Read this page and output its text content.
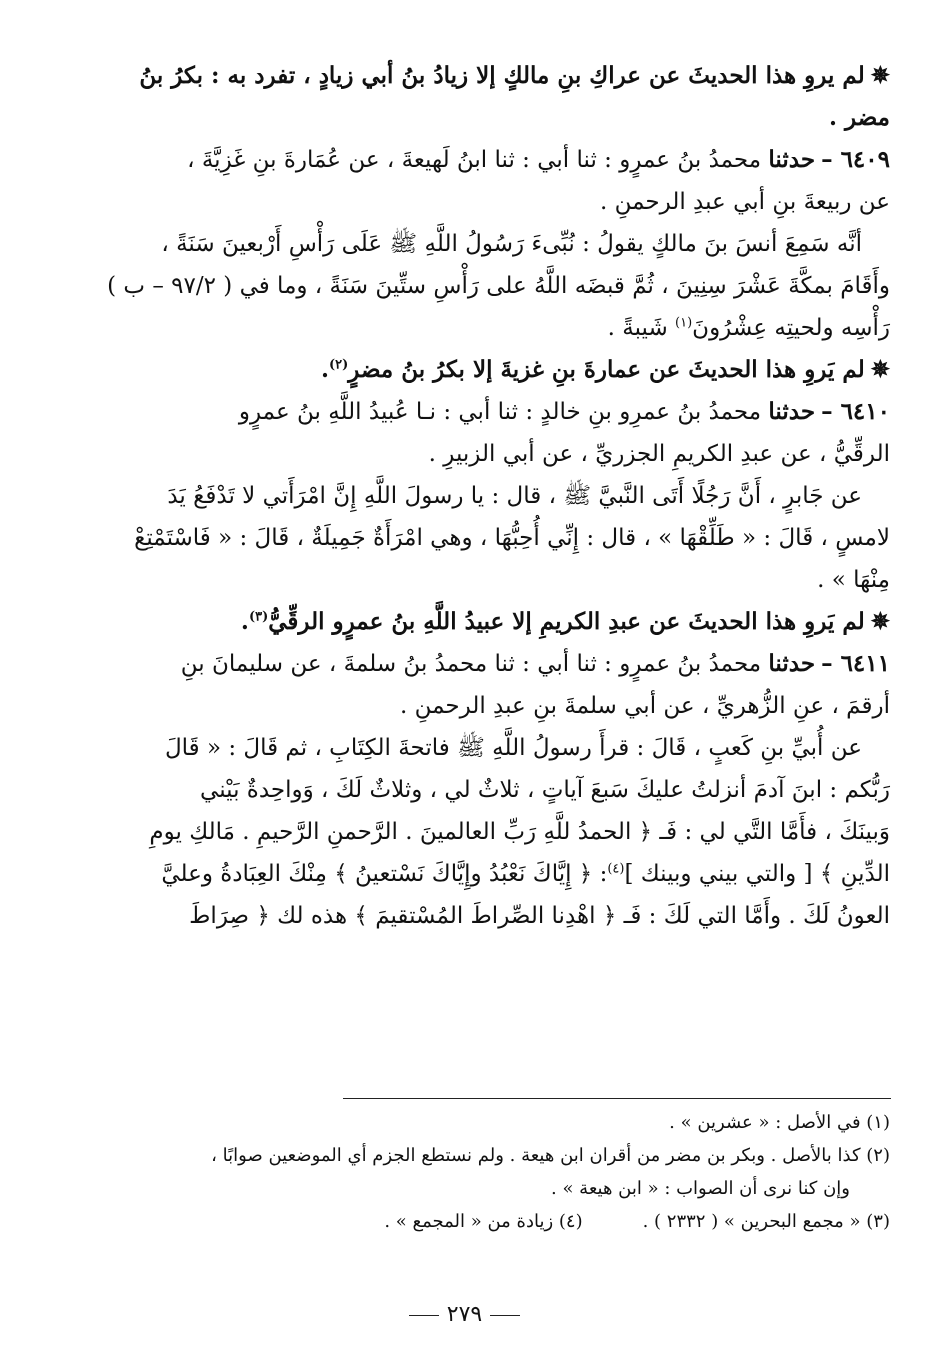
✵لم يروِ هذا الحديثَ عن عراكِ بنِ مالكٍ إلا زيادُ بنُ أبي زيادٍ ، تفرد به : بكرُ بنُ

مضر .

٦٤٠٩ –حدثنا محمدُ بنُ عمرٍو : ثنا أبي : ثنا ابنُ لَهيعةَ ، عن عُمَارةَ بنِ غَزِيَّةَ ،

عن ربيعةَ بنِ أبي عبدِ الرحمنِ .

أنَّه سَمِعَ أنسَ بنَ مالكٍ يقولُ : نُبِّىءَ رَسُولُ اللَّهِ ﷺ عَلَى رَأْسِ أَرْبعينَ سَنَةً ،

وأَقَامَ بمكَّةَ عَشْرَ سِنِينَ ، ثُمَّ قبضَه اللَّهُ على رَأْسِ ستِّينَ سَنَةً ، وما في ( ٩٧/٢ – ب )

رَأْسِه ولحيتِه عِشْرُونَ$^{(١)}$ شَيبةً .

✵لم يَروِ هذا الحديثَ عن عمارةَ بنِ غزيةَ إلا بكرُ بنُ مضرٍ$^{(٢)}$.

٦٤١٠ –حدثنا محمدُ بنُ عمرِو بنِ خالدٍ : ثنا أبي : نـا عُبيدُ اللَّهِ بنُ عمرٍو

الرقِّيُّ ، عن عبدِ الكريمِ الجزريِّ ، عن أبي الزبيرِ .

عن جَابرٍ ، أَنَّ رَجُلًا أَتَى النَّبيَّ ﷺ ، قال : يا رسولَ اللَّهِ إِنَّ امْرَأَتي لا تَدْفَعُ يَدَ

لامسٍ ، قَالَ : « طَلِّقْهَا » ، قال : إِنِّي أُحِبُّهَا ، وهي امْرَأَةٌ جَمِيلَةٌ ، قَالَ : « فَاسْتَمْتِعْ

مِنْهَا » .

✵لم يَروِ هذا الحديثَ عن عبدِ الكريمِ إلا عبيدُ اللَّهِ بنُ عمرٍو الرقِّيُّ$^{(٣)}$.

٦٤١١ –حدثنا محمدُ بنُ عمرٍو : ثنا أبي : ثنا محمدُ بنُ سلمةَ ، عن سليمانَ بنِ

أرقمَ ، عنِ الزُّهريِّ ، عن أبي سلمةَ بنِ عبدِ الرحمنِ .

عن أُبيِّ بنِ كَعبٍ ، قَالَ : قرأَ رسولُ اللَّهِ ﷺ فاتحةَ الكِتَابِ ، ثم قَالَ : « قَالَ

رَبُّكم : ابنَ آدمَ أنزلتُ عليكَ سَبعَ آياتٍ ، ثلاثٌ لي ، وثلاثٌ لَكَ ، وَواحِدةٌ بَيْني

وَبينَكَ ، فأَمَّا التَّي لي : فَـ ﴿ الحمدُ للَّهِ رَبِّ العالمينَ . الرَّحمنِ الرَّحيمِ . مَالكِ يومِ

الدِّينِ ﴾ [ والتي بيني وبينك ]$^{(٤)}$: ﴿ إِيَّاكَ نَعْبُدُ وإِيَّاكَ نَسْتعينُ ﴾ مِنْكَ العِبَادةُ وعليَّ

العونُ لَكَ . وأَمَّا التي لَكَ : فَـ ﴿ اهْدِنا الصِّراطَ المُسْتقيمَ ﴾ هذه لك ﴿ صِرَاطَ

(١) في الأصل : « عشرين » .

(٢) كذا بالأصل . وبكر بن مضر من أقران ابن هيعة . ولم نستطع الجزم أي الموضعين صوابًا ،

وإن كنا نرى أن الصواب : « ابن هيعة » .

(٣) « مجمع البحرين » ( ٢٣٣٢ ) .
(٤) زيادة من « المجمع » .
٢٧٩
